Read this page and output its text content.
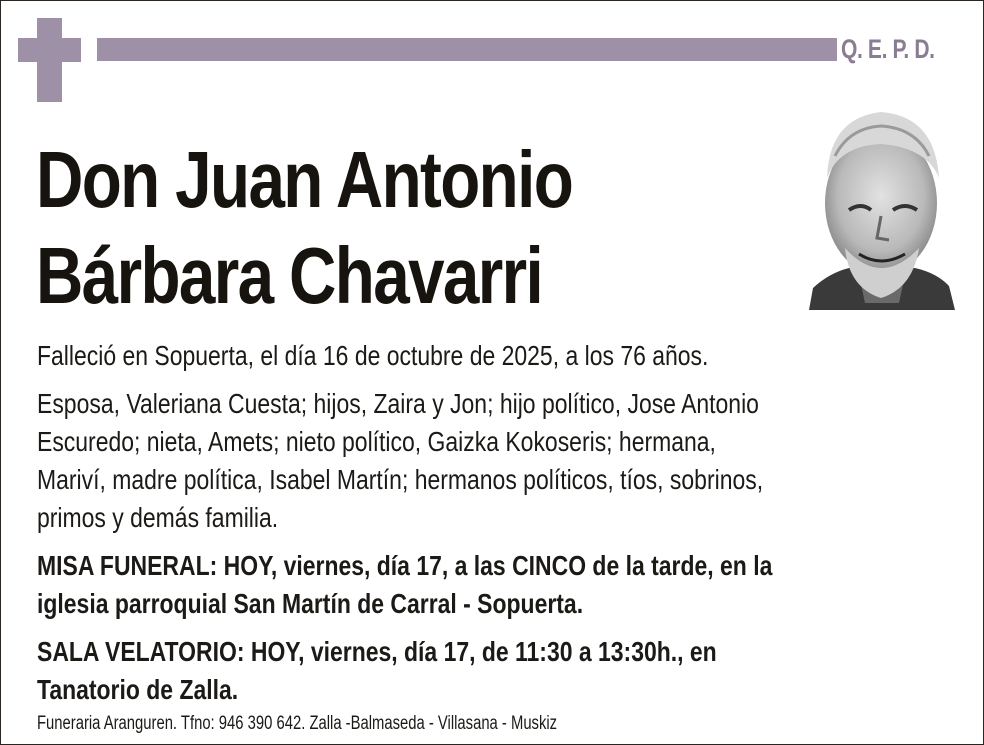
Q. E. P. D.
Don Juan Antonio
Bárbara Chavarri
Falleció en Sopuerta, el día 16 de octubre de 2025, a los 76 años.
Esposa, Valeriana Cuesta; hijos, Zaira y Jon; hijo político, Jose Antonio
Escuredo; nieta, Amets; nieto político, Gaizka Kokoseris; hermana,
Mariví, madre política, Isabel Martín; hermanos políticos, tíos, sobrinos,
primos y demás familia.
MISA FUNERAL: HOY, viernes, día 17, a las CINCO de la tarde, en la
iglesia parroquial San Martín de Carral - Sopuerta.
SALA VELATORIO: HOY, viernes, día 17, de 11:30 a 13:30h., en
Tanatorio de Zalla.
Funeraria Aranguren. Tfno: 946 390 642. Zalla -Balmaseda - Villasana - Muskiz
